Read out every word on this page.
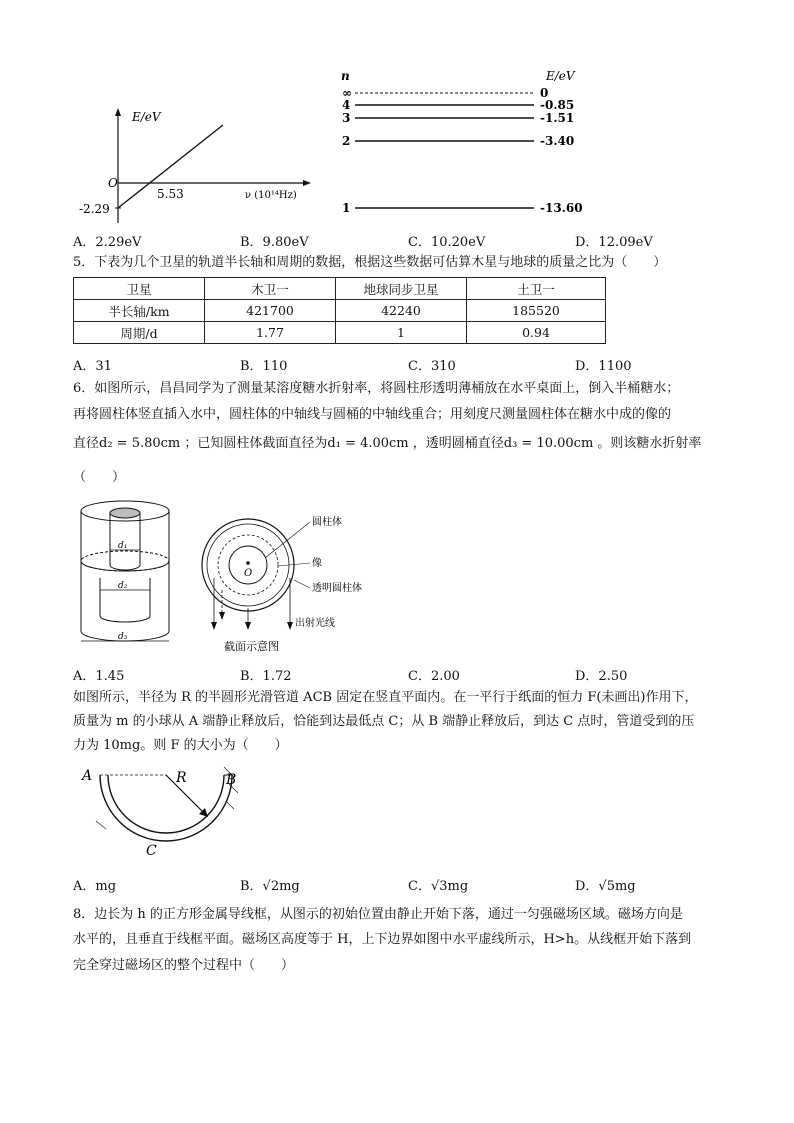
E/eV
O
5.53
-2.29
ν (10¹⁴Hz)
n	E/eV
∞	0
4	-0.85
3	-1.51
2	-3.40
1	-13.60
A．2.29eV	B．9.80eV	C．10.20eV	D．12.09eV
5．下表为几个卫星的轨道半长轴和周期的数据，根据这些数据可估算木星与地球的质量之比为（　　）
卫星	木卫一	地球同步卫星	土卫一
半长轴/km	421700	42240	185520
周期/d	1.77	1	0.94
A．31	B．110	C．310	D．1100
6．如图所示，昌昌同学为了测量某溶度糖水折射率，将圆柱形透明薄桶放在水平桌面上，倒入半桶糖水；
再将圆柱体竖直插入水中，圆柱体的中轴线与圆桶的中轴线重合；用刻度尺测量圆柱体在糖水中成的像的
直径d₂ = 5.80cm ；已知圆柱体截面直径为d₁ = 4.00cm ，透明圆桶直径d₃ = 10.00cm 。则该糖水折射率
（　　）
d₁
d₂
d₃
O
圆柱体
像
透明圆柱体
出射光线
截面示意图
A．1.45	B．1.72	C．2.00	D．2.50
如图所示，半径为 R 的半圆形光滑管道 ACB 固定在竖直平面内。在一平行于纸面的恒力 F(未画出)作用下，
质量为 m 的小球从 A 端静止释放后，恰能到达最低点 C；从 B 端静止释放后，到达 C 点时，管道受到的压
力为 10mg。则 F 的大小为（　　）
A	B
C
R
A．mg	B．√2mg	C．√3mg	D．√5mg
8．边长为 h 的正方形金属导线框，从图示的初始位置由静止开始下落，通过一匀强磁场区域。磁场方向是
水平的，且垂直于线框平面。磁场区高度等于 H，上下边界如图中水平虚线所示，H>h。从线框开始下落到
完全穿过磁场区的整个过程中（　　）
